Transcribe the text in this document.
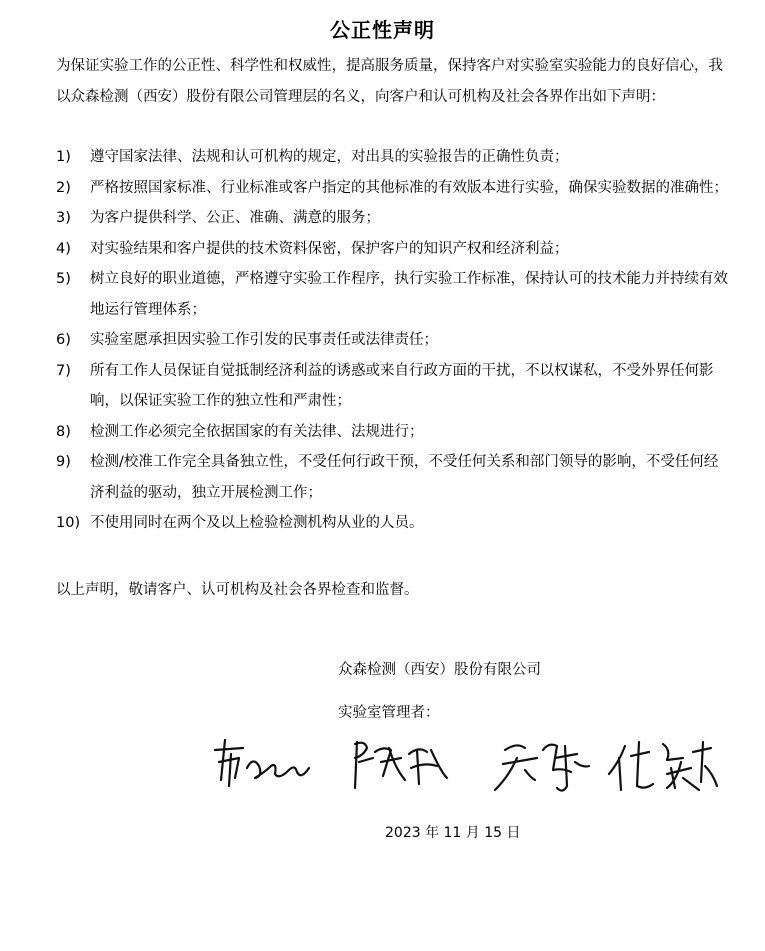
公正性声明
为保证实验工作的公正性、科学性和权威性，提高服务质量，保持客户对实验室实验能力的良好信心，我以众森检测（西安）股份有限公司管理层的名义，向客户和认可机构及社会各界作出如下声明：
1)	遵守国家法律、法规和认可机构的规定，对出具的实验报告的正确性负责；
2)	严格按照国家标准、行业标准或客户指定的其他标准的有效版本进行实验，确保实验数据的准确性；
3)	为客户提供科学、公正、准确、满意的服务；
4)	对实验结果和客户提供的技术资料保密，保护客户的知识产权和经济利益；
5)	树立良好的职业道德，严格遵守实验工作程序，执行实验工作标准，保持认可的技术能力并持续有效地运行管理体系；
6)	实验室愿承担因实验工作引发的民事责任或法律责任；
7)	所有工作人员保证自觉抵制经济利益的诱惑或来自行政方面的干扰，不以权谋私，不受外界任何影响，以保证实验工作的独立性和严肃性；
8)	检测工作必须完全依据国家的有关法律、法规进行；
9)	检测/校准工作完全具备独立性，不受任何行政干预，不受任何关系和部门领导的影响，不受任何经济利益的驱动，独立开展检测工作；
10) 不使用同时在两个及以上检验检测机构从业的人员。
以上声明，敬请客户、认可机构及社会各界检查和监督。
众森检测（西安）股份有限公司
实验室管理者：
2023 年 11 月 15 日
